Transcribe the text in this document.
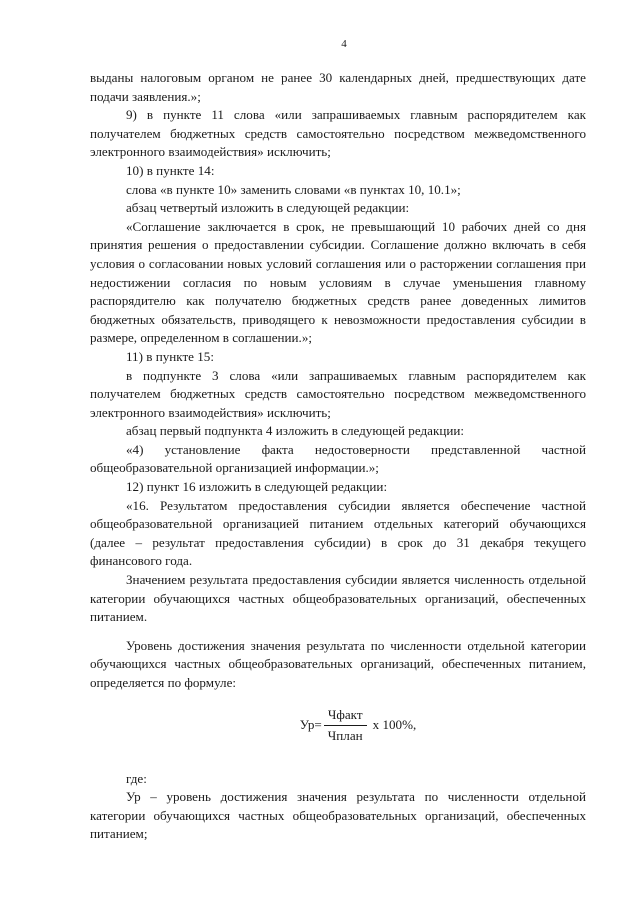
4

выданы налоговым органом не ранее 30 календарных дней, предшествующих дате подачи заявления.»;

9) в пункте 11 слова «или запрашиваемых главным распорядителем как получателем бюджетных средств самостоятельно посредством межведомственного электронного взаимодействия» исключить;

10) в пункте 14:

слова «в пункте 10» заменить словами «в пунктах 10, 10.1»;

абзац четвертый изложить в следующей редакции:

«Соглашение заключается в срок, не превышающий 10 рабочих дней со дня принятия решения о предоставлении субсидии. Соглашение должно включать в себя условия о согласовании новых условий соглашения или о расторжении соглашения при недостижении согласия по новым условиям в случае уменьшения главному распорядителю как получателю бюджетных средств ранее доведенных лимитов бюджетных обязательств, приводящего к невозможности предоставления субсидии в размере, определенном в соглашении.»;

11) в пункте 15:

в подпункте 3 слова «или запрашиваемых главным распорядителем как получателем бюджетных средств самостоятельно посредством межведомственного электронного взаимодействия» исключить;

абзац первый подпункта 4 изложить в следующей редакции:

«4) установление факта недостоверности представленной частной общеобразовательной организацией информации.»;

12) пункт 16 изложить в следующей редакции:

«16. Результатом предоставления субсидии является обеспечение частной общеобразовательной организацией питанием отдельных категорий обучающихся (далее – результат предоставления субсидии) в срок до 31 декабря текущего финансового года.

Значением результата предоставления субсидии является численность отдельной категории обучающихся частных общеобразовательных организаций, обеспеченных питанием.

Уровень достижения значения результата по численности отдельной категории обучающихся частных общеобразовательных организаций, обеспеченных питанием, определяется по формуле:

$Ур= \frac{\text{Чфакт}}{\text{Чплан}}$ х 100%,

где:

Ур – уровень достижения значения результата по численности отдельной категории обучающихся частных общеобразовательных организаций, обеспеченных питанием;
